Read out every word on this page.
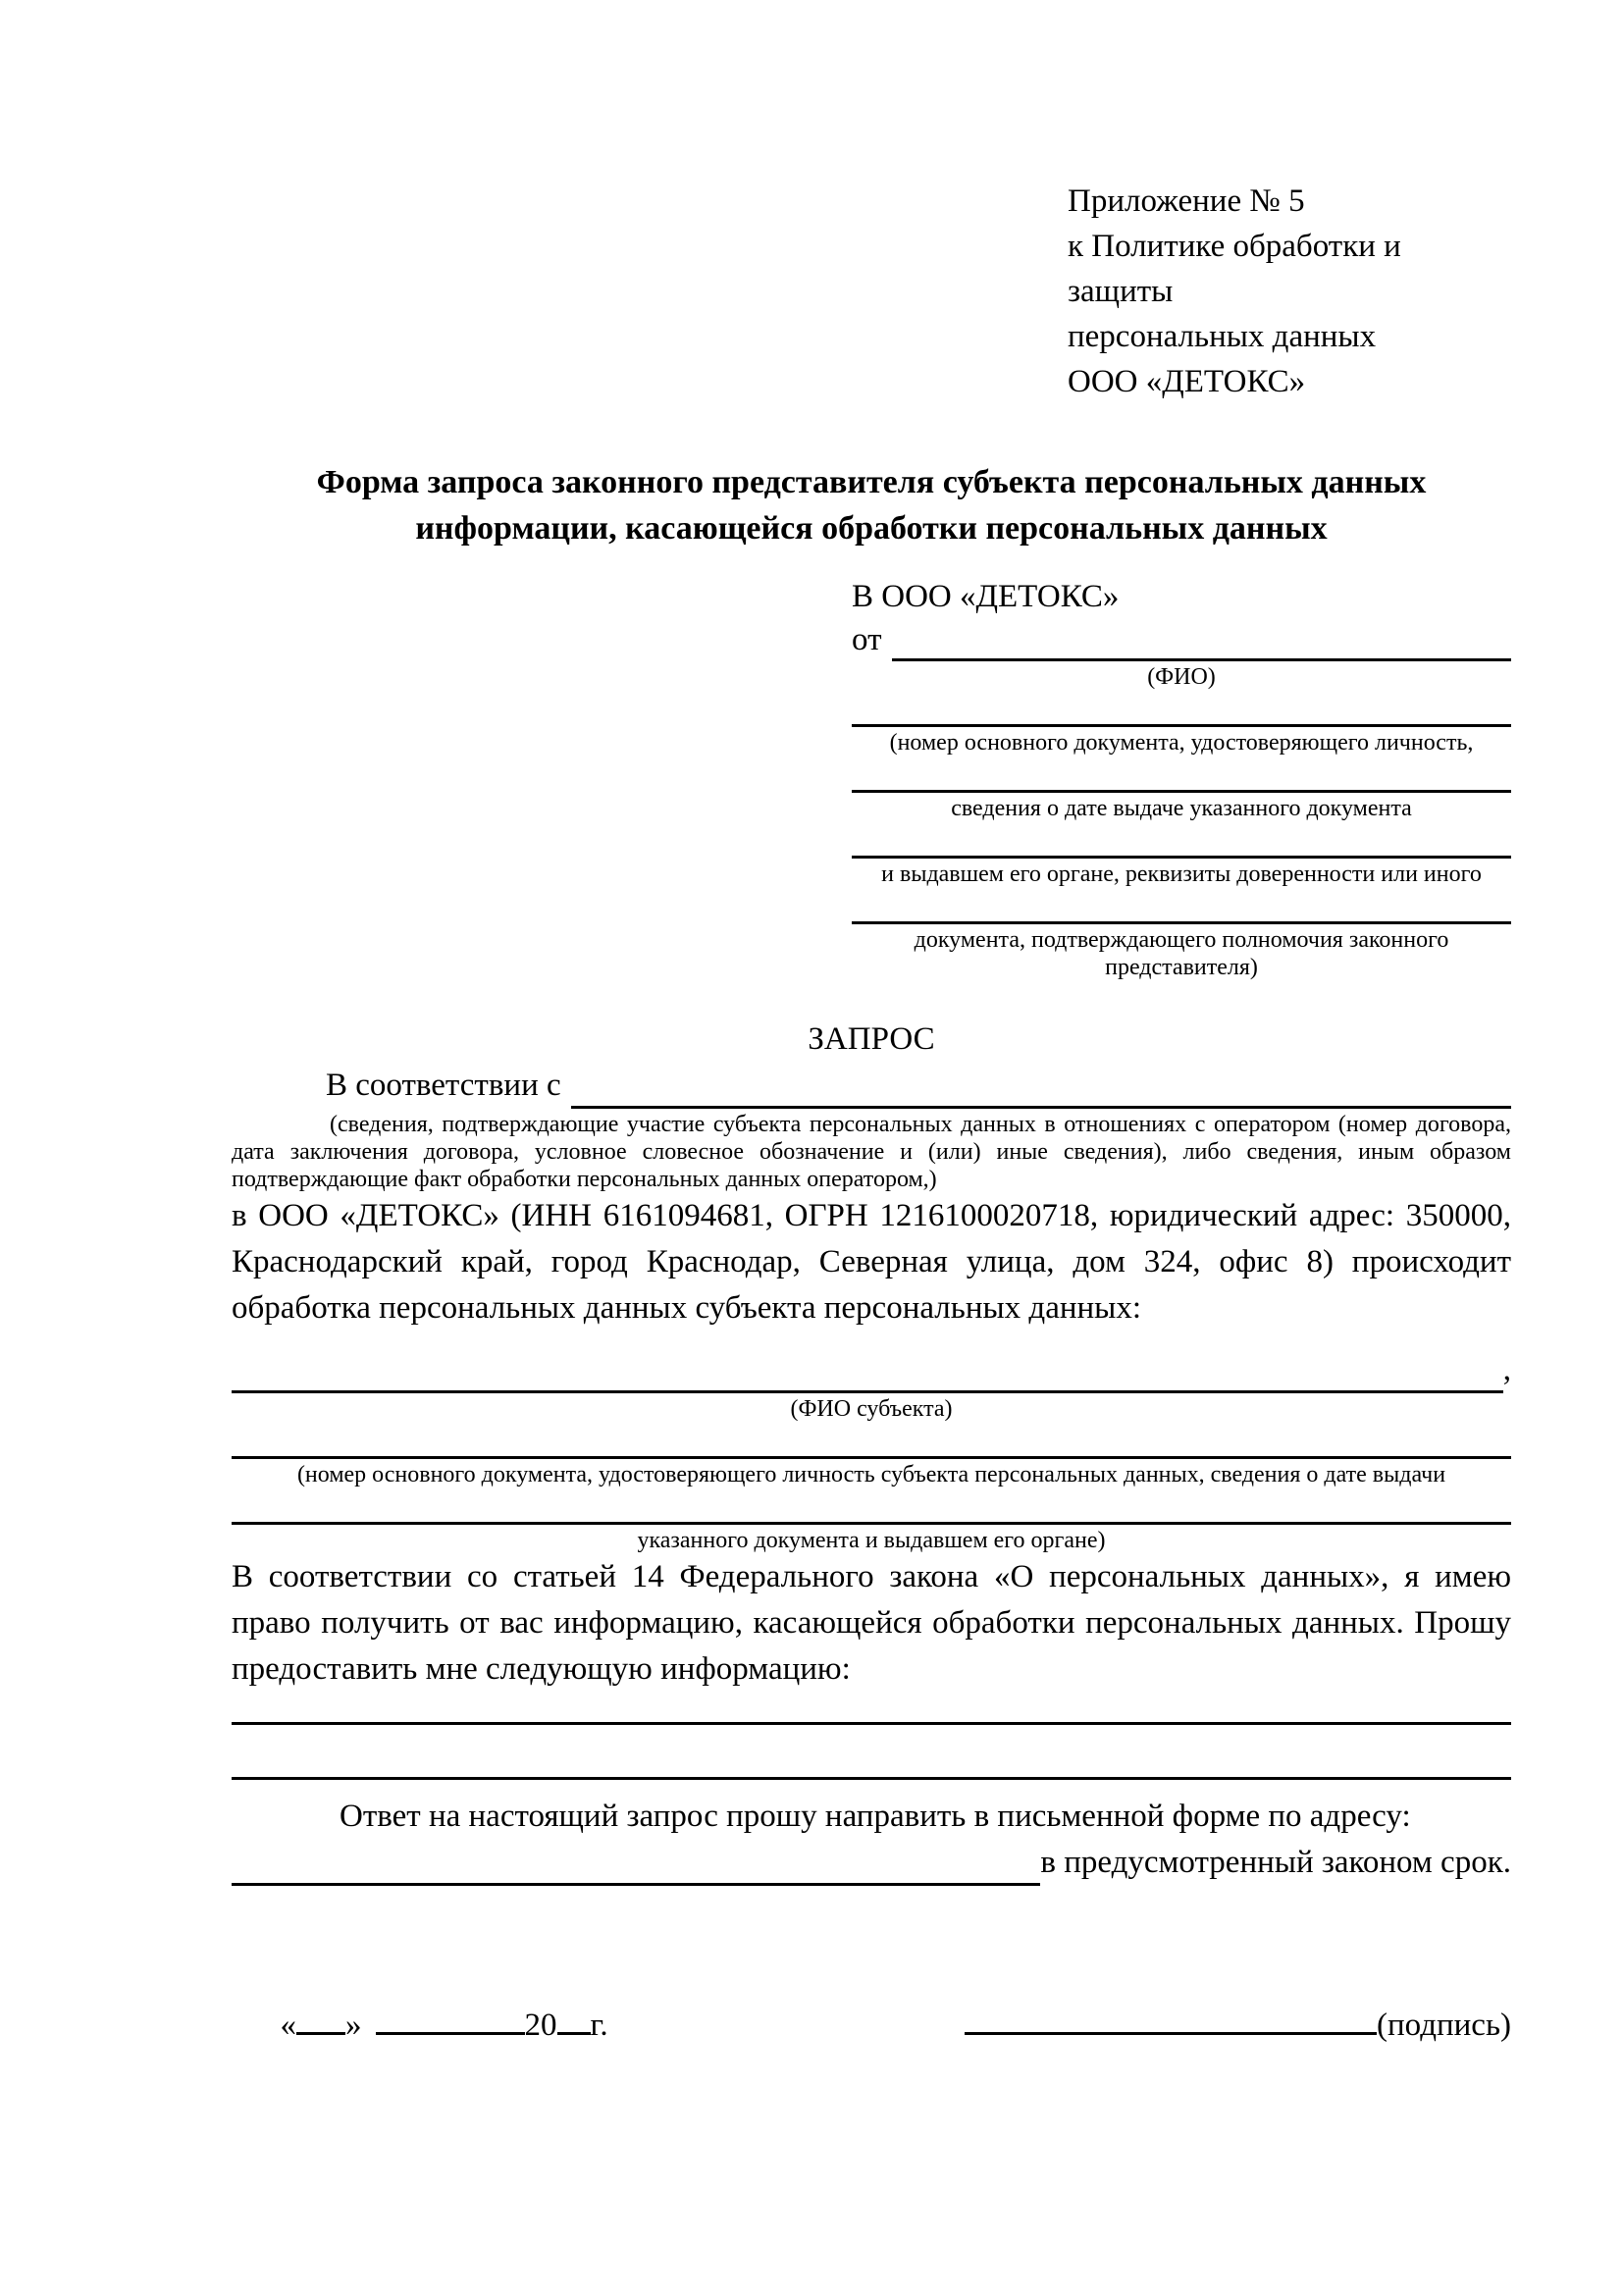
Приложение № 5
к Политике обработки и защиты
персональных данных
ООО «ДЕТОКС»
Форма запроса законного представителя субъекта персональных данных информации, касающейся обработки персональных данных
В ООО «ДЕТОКС»
от
(ФИО)
(номер основного документа, удостоверяющего личность,
сведения о дате выдаче указанного документа
и выдавшем его органе, реквизиты доверенности или иного
документа, подтверждающего полномочия законного представителя)
ЗАПРОС
В соответствии с
(сведения, подтверждающие участие субъекта персональных данных в отношениях с оператором (номер договора, дата заключения договора, условное словесное обозначение и (или) иные сведения), либо сведения, иным образом подтверждающие факт обработки персональных данных оператором,)
в ООО «ДЕТОКС» (ИНН 6161094681, ОГРН 1216100020718, юридический адрес: 350000, Краснодарский край, город Краснодар, Северная улица, дом 324, офис 8) происходит обработка персональных данных субъекта персональных данных:
,
(ФИО субъекта)
(номер основного документа, удостоверяющего личность субъекта персональных данных, сведения о дате выдачи
указанного документа и выдавшем его органе)
В соответствии со статьей 14 Федерального закона «О персональных данных», я имею право получить от вас информацию, касающейся обработки персональных данных. Прошу предоставить мне следующую информацию:
Ответ на настоящий запрос прошу направить в письменной форме по адресу:
в предусмотренный законом срок.

« »	20 г.
	(подпись)
